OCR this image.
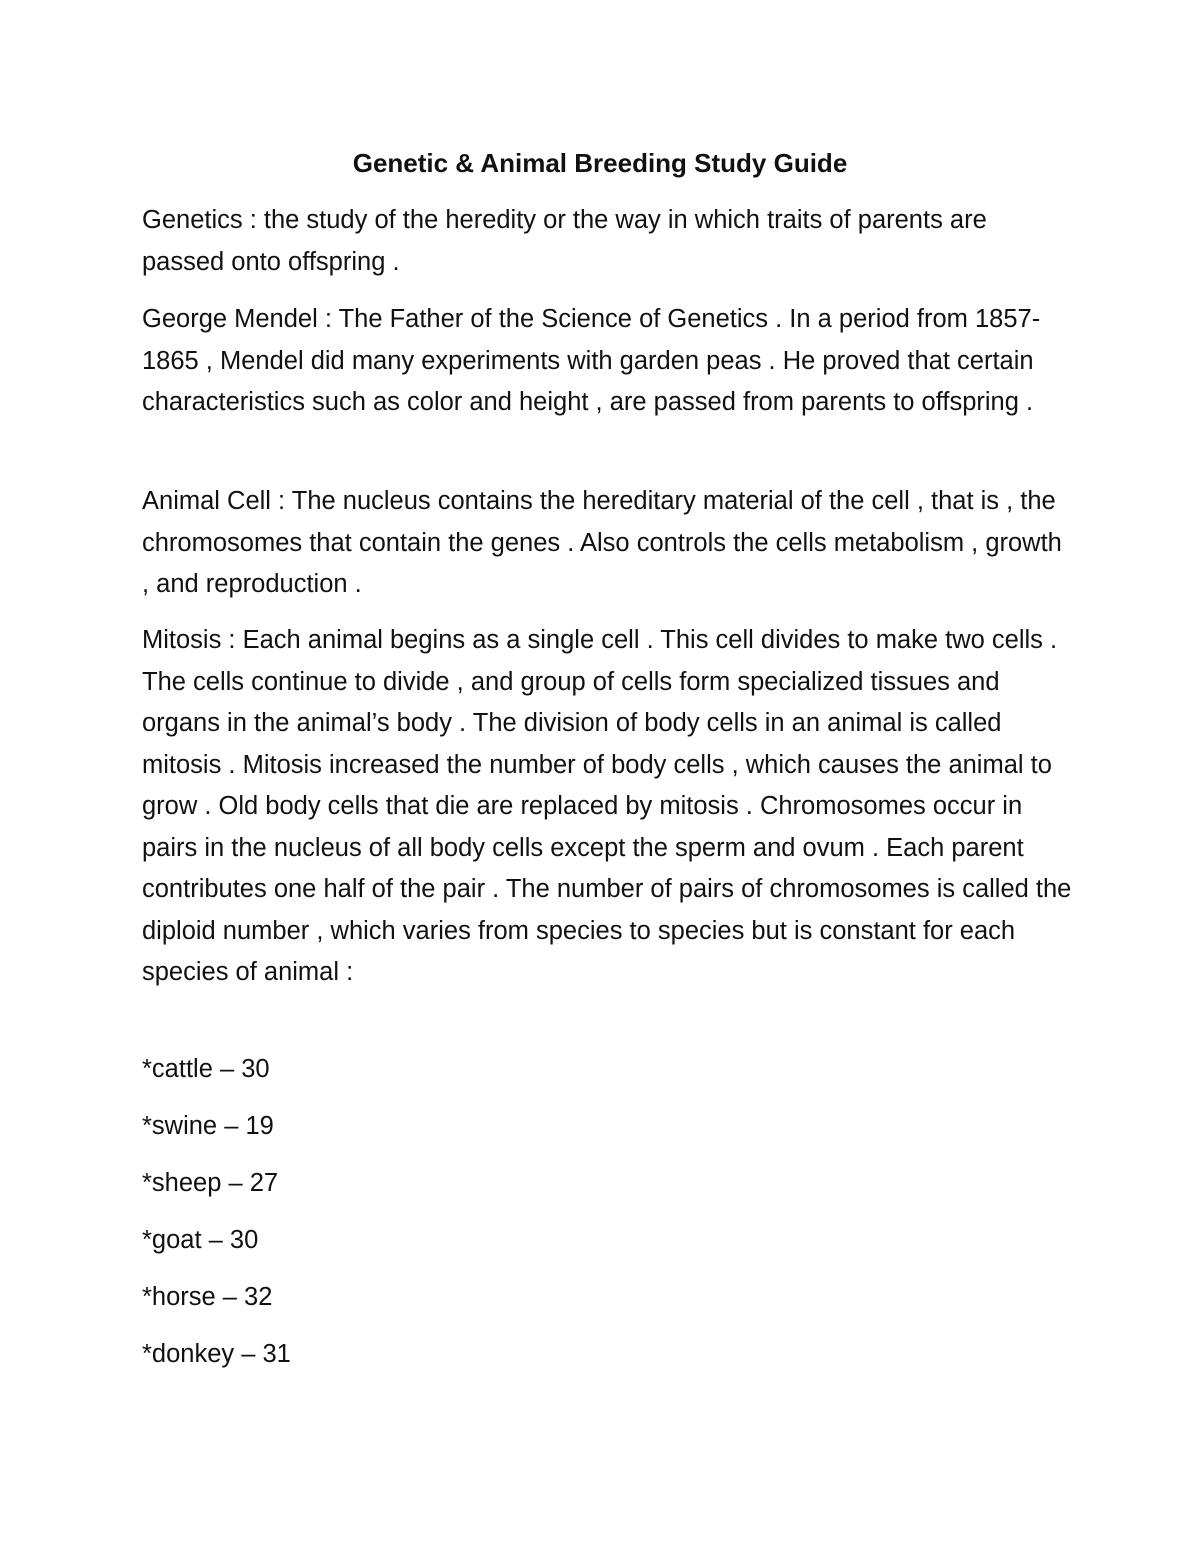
Genetic & Animal Breeding Study Guide

Genetics : the study of the heredity or the way in which traits of parents are passed onto offspring .

George Mendel : The Father of the Science of Genetics . In a period from 1857-1865 , Mendel did many experiments with garden peas . He proved that certain characteristics such as color and height , are passed from parents to offspring .

Animal Cell : The nucleus contains the hereditary material of the cell , that is , the chromosomes that contain the genes . Also controls the cells metabolism , growth , and reproduction .

Mitosis : Each animal begins as a single cell . This cell divides to make two cells . The cells continue to divide , and group of cells form specialized tissues and organs in the animal’s body . The division of body cells in an animal is called mitosis . Mitosis increased the number of body cells , which causes the animal to grow . Old body cells that die are replaced by mitosis . Chromosomes occur in pairs in the nucleus of all body cells except the sperm and ovum . Each parent contributes one half of the pair . The number of pairs of chromosomes is called the diploid number , which varies from species to species but is constant for each species of animal :

*cattle – 30

*swine – 19

*sheep – 27

*goat – 30

*horse – 32

*donkey – 31
